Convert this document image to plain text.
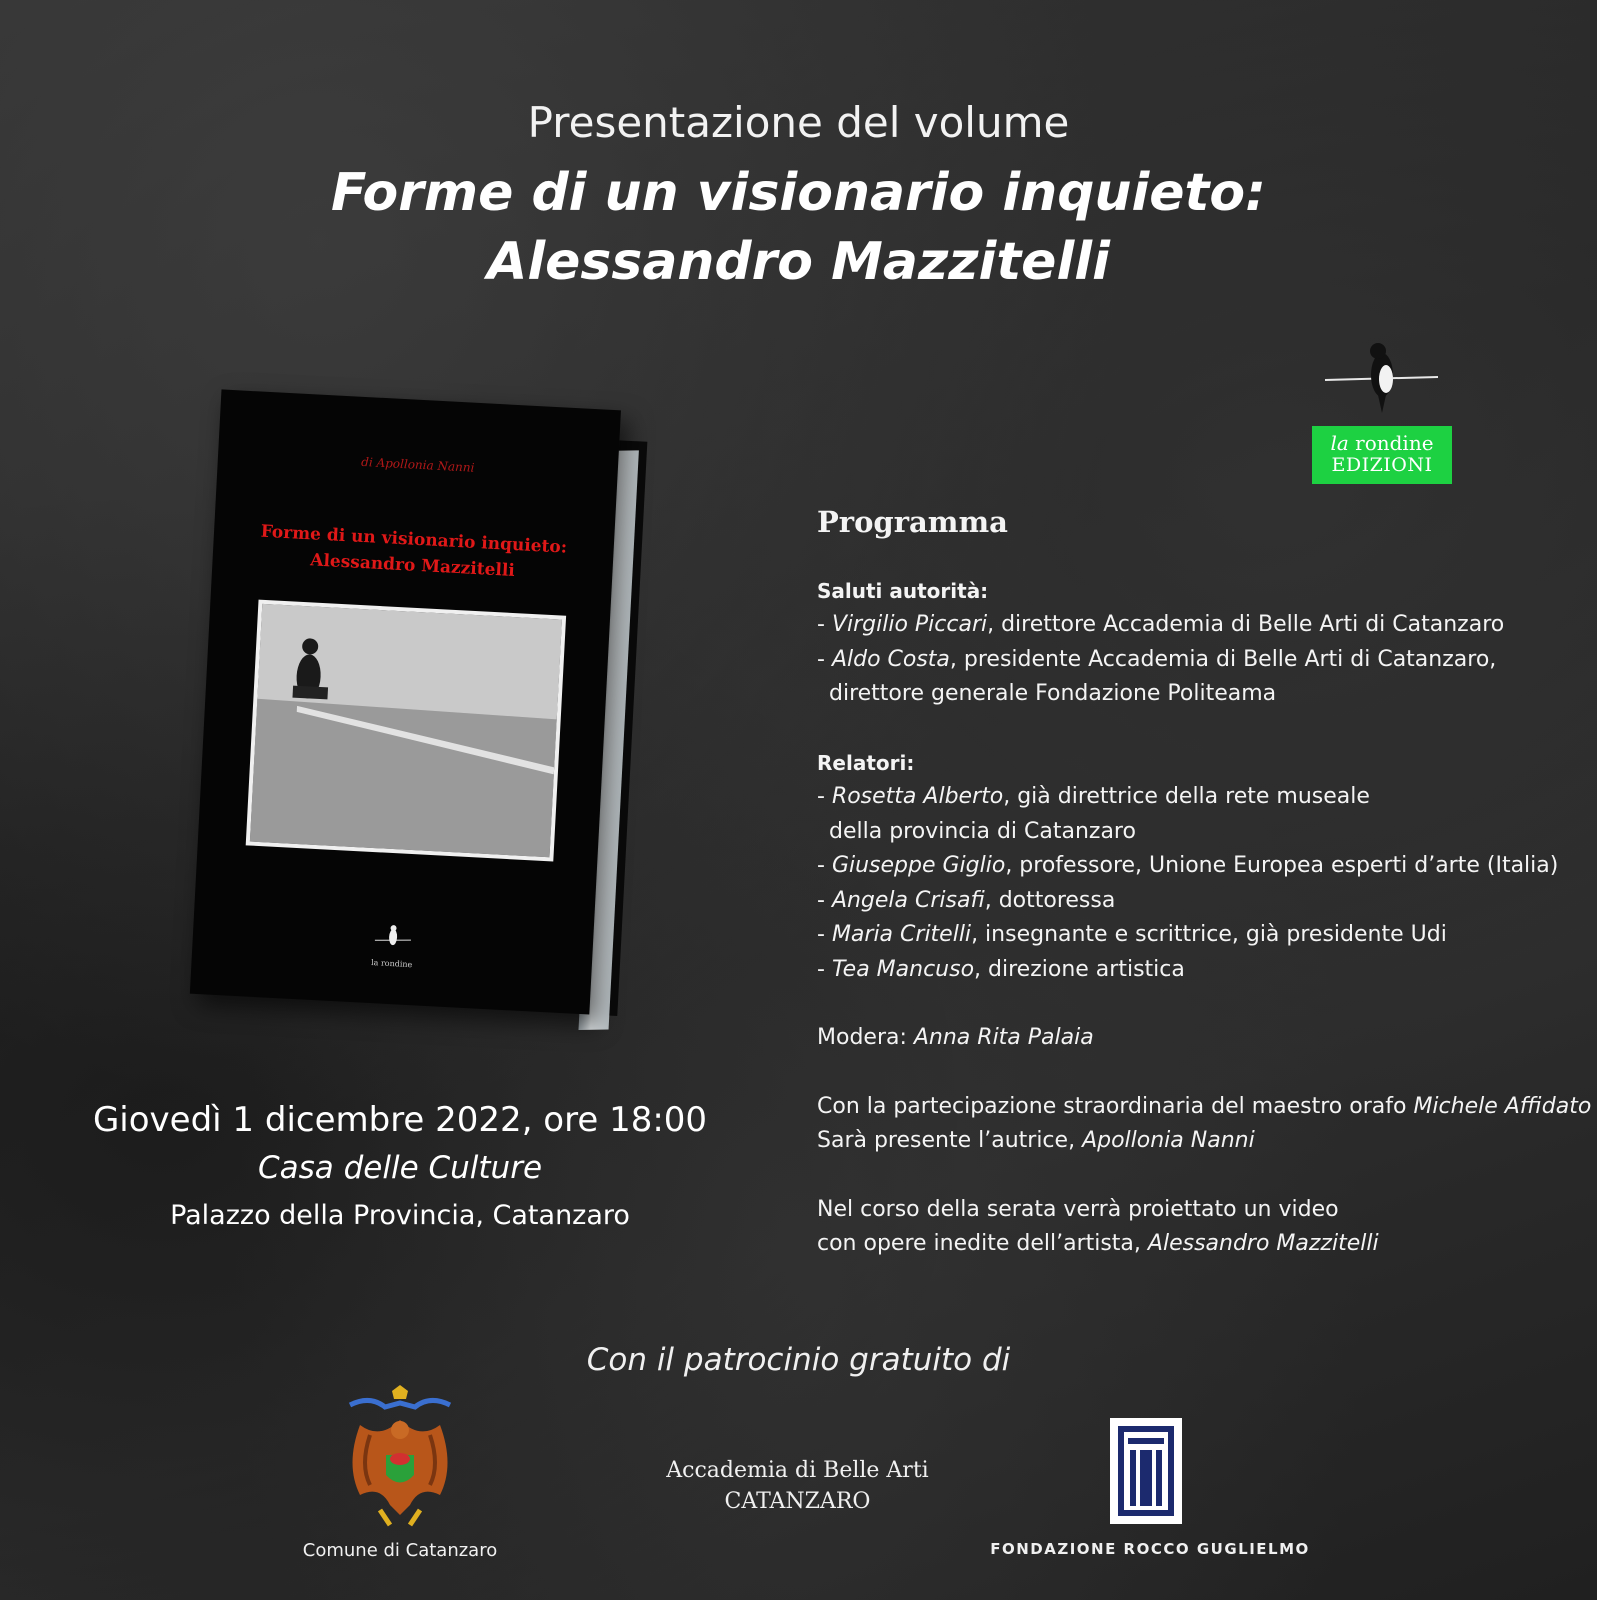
Presentazione del volume
Forme di un visionario inquieto:
Alessandro Mazzitelli
di Apollonia Nanni
Forme di un visionario inquieto:
Alessandro Mazzitelli
la rondine
Giovedì 1 dicembre 2022, ore 18:00
Casa delle Culture
Palazzo della Provincia, Catanzaro
la rondine
EDIZIONI
Programma
Saluti autorità:
- Virgilio Piccari, direttore Accademia di Belle Arti di Catanzaro
- Aldo Costa, presidente Accademia di Belle Arti di Catanzaro,
direttore generale Fondazione Politeama
Relatori:
- Rosetta Alberto, già direttrice della rete museale
della provincia di Catanzaro
- Giuseppe Giglio, professore, Unione Europea esperti d’arte (Italia)
- Angela Crisafi, dottoressa
- Maria Critelli, insegnante e scrittrice, già presidente Udi
- Tea Mancuso, direzione artistica
Modera: Anna Rita Palaia
Con la partecipazione straordinaria del maestro orafo Michele Affidato
Sarà presente l’autrice, Apollonia Nanni
Nel corso della serata verrà proiettato un video
con opere inedite dell’artista, Alessandro Mazzitelli
Con il patrocinio gratuito di
Comune di Catanzaro
Accademia di Belle Arti
CATANZARO
FONDAZIONE ROCCO GUGLIELMO
